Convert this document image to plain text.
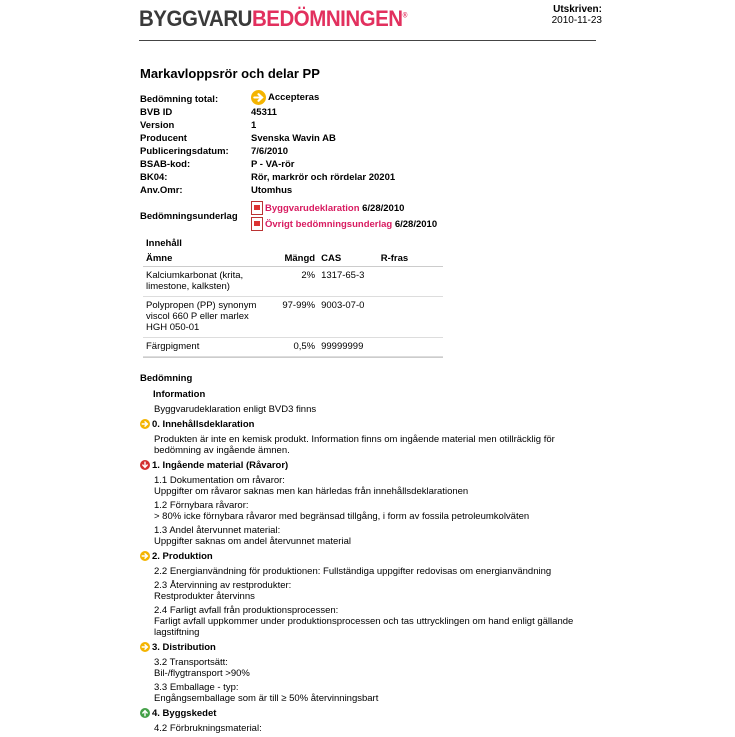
BYGGVARUBEDÖMNINGEN®
Utskriven:
2010-11-23
Markavloppsrör och delar PP
Bedömning total:	Accepteras
BVB ID	45311
Version	1
Producent	Svenska Wavin AB
Publiceringsdatum: 7/6/2010
BSAB-kod:	P - VA-rör
BK04:	Rör, markrör och rördelar 20201
Anv.Omr:	Utomhus
Bedömningsunderlag
Byggvarudeklaration 6/28/2010
Övrigt bedömningsunderlag 6/28/2010
Innehåll
Ämne	Mängd	CAS	R-fras
Kalciumkarbonat (krita, limestone, kalksten)	2%	1317-65-3	
Polypropen (PP) synonym viscol 660 P eller marlex HGH 050-01	97-99%	9003-07-0	
Färgpigment	0,5%	99999999	
Bedömning
Information
Byggvarudeklaration enligt BVD3 finns
0. Innehållsdeklaration
Produkten är inte en kemisk produkt. Information finns om ingående material men otillräcklig för
bedömning av ingående ämnen.
1. Ingående material (Råvaror)
1.1 Dokumentation om råvaror:
Uppgifter om råvaror saknas men kan härledas från innehållsdeklarationen
1.2 Förnybara råvaror:
> 80% icke förnybara råvaror med begränsad tillgång, i form av fossila petroleumkolväten
1.3 Andel återvunnet material:
Uppgifter saknas om andel återvunnet material
2. Produktion
2.2 Energianvändning för produktionen: Fullständiga uppgifter redovisas om energianvändning
2.3 Återvinning av restprodukter:
Restprodukter återvinns
2.4 Farligt avfall från produktionsprocessen:
Farligt avfall uppkommer under produktionsprocessen och tas uttrycklingen om hand enligt gällande
lagstiftning
3. Distribution
3.2 Transportsätt:
Bil-/flygtransport >90%
3.3 Emballage - typ:
Engångsemballage som är till ≥ 50% återvinningsbart
4. Byggskedet
4.2 Förbrukningsmaterial:
